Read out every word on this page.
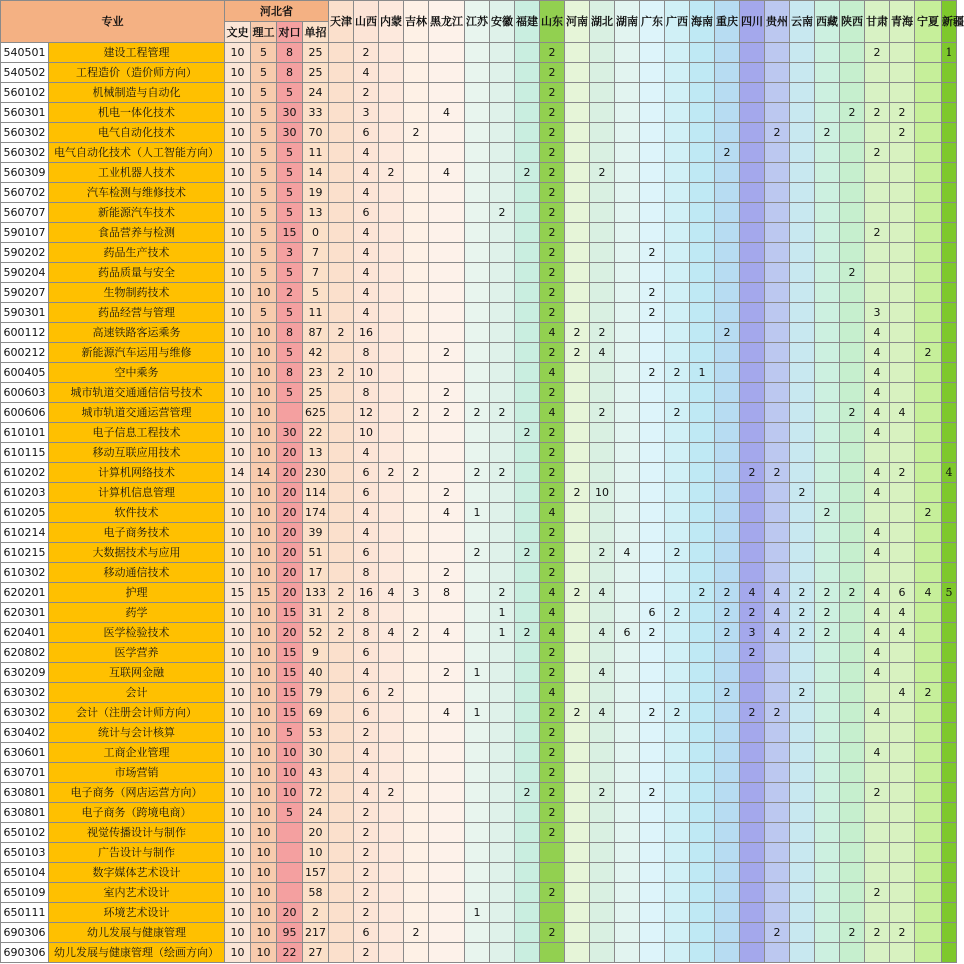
专业		河北省				天津	山西	内蒙	吉林	黑龙江	江苏	安徽	福建	山东	河南	湖北	湖南	广东	广西	海南	重庆	四川	贵州	云南	西藏	陕西	甘肃	青海	宁夏	新疆
		文史	理工	对口	单招																									
540501	建设工程管理	10	5	8	25		2							2													2			1
540502	工程造价（造价师方向）	10	5	8	25		4							2																
560102	机械制造与自动化	10	5	5	24		2							2																
560301	机电一体化技术	10	5	30	33		3			4				2												2	2	2		
560302	电气自动化技术	10	5	30	70		6		2					2									2		2			2		
560302	电气自动化技术（人工智能方向）	10	5	5	11		4							2							2						2			
560309	工业机器人技术	10	5	5	14		4	2		4			2	2		2														
560702	汽车检测与维修技术	10	5	5	19		4							2																
560707	新能源汽车技术	10	5	5	13		6					2		2																
590107	食品营养与检测	10	5	15	0		4							2													2			
590202	药品生产技术	10	5	3	7		4							2				2												
590204	药品质量与安全	10	5	5	7		4							2												2				
590207	生物制药技术	10	10	2	5		4							2				2												
590301	药品经营与管理	10	5	5	11		4							2				2									3			
600112	高速铁路客运乘务	10	10	8	87	2	16							4	2	2					2						4			
600212	新能源汽车运用与维修	10	10	5	42		8			2				2	2	4											4		2	
600405	空中乘务	10	10	8	23	2	10							4				2	2	1							4			
600603	城市轨道交通通信信号技术	10	10	5	25		8			2				2													4			
600606	城市轨道交通运营管理	10	10		625		12		2	2	2	2		4		2			2							2	4	4		
610101	电子信息工程技术	10	10	30	22		10						2	2													4			
610115	移动互联应用技术	10	10	20	13		4							2																
610202	计算机网络技术	14	14	20	230		6	2	2		2	2		2								2	2				4	2		4
610203	计算机信息管理	10	10	20	114		6			2				2	2	10								2			4			
610205	软件技术	10	10	20	174		4			4	1			4											2				2	
610214	电子商务技术	10	10	20	39		4							2													4			
610215	大数据技术与应用	10	10	20	51		6				2		2	2		2	4		2								4			
610302	移动通信技术	10	10	20	17		8			2				2																
620201	护理	15	15	20	133	2	16	4	3	8		2		4	2	4				2	2	4	4	2	2	2	4	6	4	5
620301	药学	10	10	15	31	2	8					1		4				6	2		2	2	4	2	2		4	4		
620401	医学检验技术	10	10	20	52	2	8	4	2	4		1	2	4		4	6	2			2	3	4	2	2		4	4		
620802	医学营养	10	10	15	9		6							2								2					4			
630209	互联网金融	10	10	15	40		4			2	1			2		4											4			
630302	会计	10	10	15	79		6	2						4							2			2				4	2	
630302	会计（注册会计师方向）	10	10	15	69		6			4	1			2	2	4		2	2			2	2				4			
630402	统计与会计核算	10	10	5	53		2							2																
630601	工商企业管理	10	10	10	30		4							2													4			
630701	市场营销	10	10	10	43		4							2																
630801	电子商务（网店运营方向）	10	10	10	72		4	2					2	2		2		2									2			
630801	电子商务（跨境电商）	10	10	5	24		2							2																
650102	视觉传播设计与制作	10	10		20		2							2																
650103	广告设计与制作	10	10		10		2																							
650104	数字媒体艺术设计	10	10		157		2																							
650109	室内艺术设计	10	10		58		2							2													2			
650111	环境艺术设计	10	10	20	2		2				1																			
690306	幼儿发展与健康管理	10	10	95	217		6		2					2									2			2	2	2		
690306	幼儿发展与健康管理（绘画方向）	10	10	22	27		2																							
